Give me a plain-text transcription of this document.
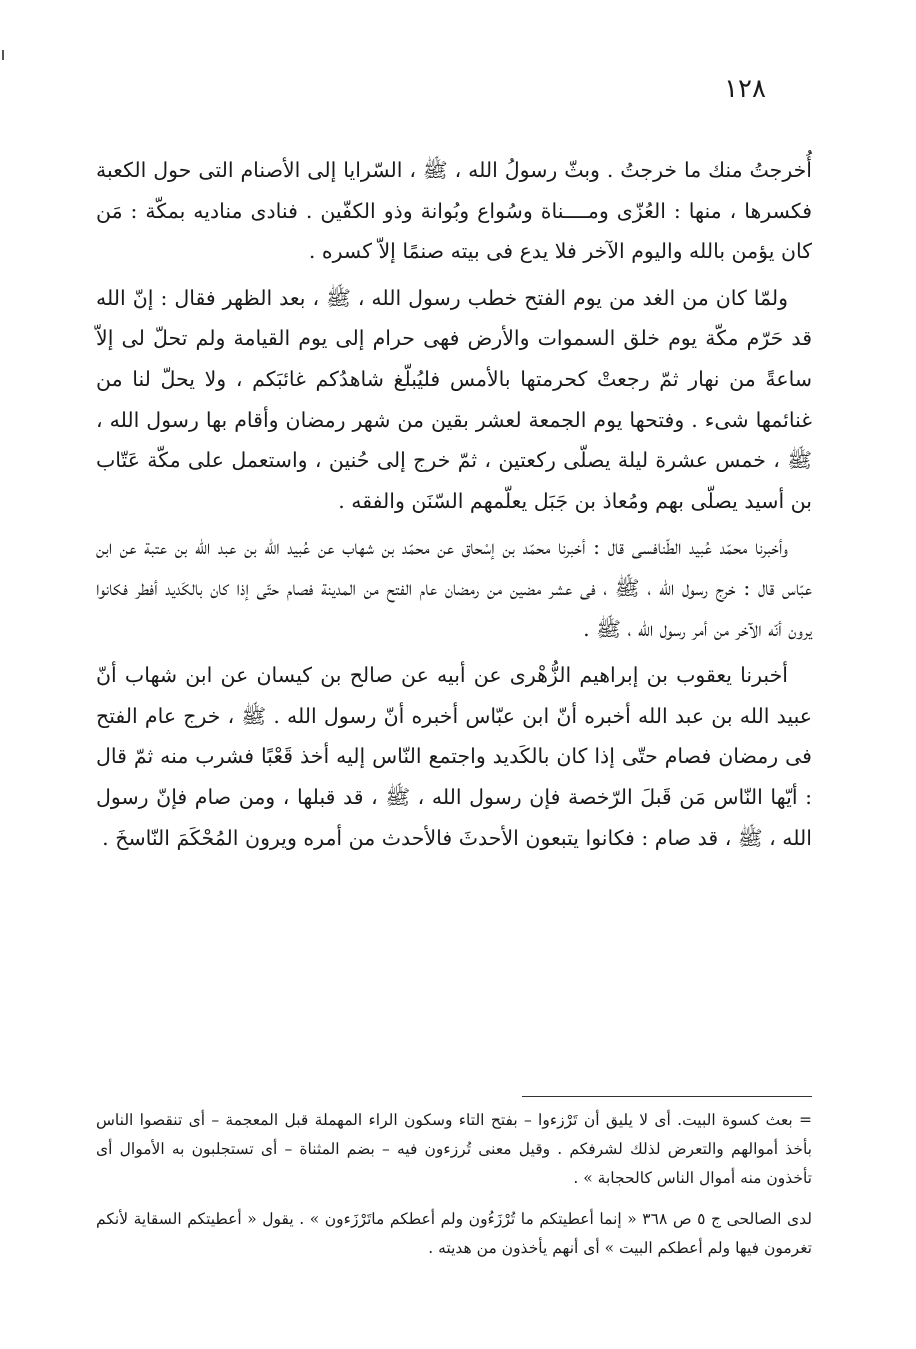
١٢٨

أُخرجتُ منك ما خرجتُ . وبثّ رسولُ الله ، ﷺ ، السّرايا إلى الأصنام التى حول الكعبة فكسرها ، منها : العُزّى ومــــناة وسُواع وبُوانة وذو الكفّين . فنادى مناديه بمكّة : مَن كان يؤمن بالله واليوم الآخر فلا يدع فى بيته صنمًا إلاّ كسره .

ولمّا كان من الغد من يوم الفتح خطب رسول الله ، ﷺ ، بعد الظهر فقال : إنّ الله قد حَرّم مكّة يوم خلق السموات والأرض فهى حرام إلى يوم القيامة ولم تحلّ لى إلاّ ساعةً من نهار ثمّ رجعتْ كحرمتها بالأمس فليُبلّغ شاهدُكم غائبَكم ، ولا يحلّ لنا من غنائمها شىء . وفتحها يوم الجمعة لعشر بقين من شهر رمضان وأقام بها رسول الله ، ﷺ ، خمس عشرة ليلة يصلّى ركعتين ، ثمّ خرج إلى حُنين ، واستعمل على مكّة عَتّاب بن أسيد يصلّى بهم ومُعاذ بن جَبَل يعلّمهم السّنَن والفقه .

وأخبرنا محمّد عُبيد الطّنافسى قال : أخبرنا محمّد بن إسْحاق عن محمّد بن شهاب عن عُبيد الله بن عبد الله بن عتبة عن ابن عبّاس قال : خرج رسول الله ، ﷺ ، فى عشر مضين من رمضان عام الفتح من المدينة فصام حتّى إذا كان بالكَديد أفطر فكانوا يرون أنّه الآخر من أمر رسول الله ، ﷺ .

أخبرنا يعقوب بن إبراهيم الزُّهْرى عن أبيه عن صالح بن كيسان عن ابن شهاب أنّ عبيد الله بن عبد الله أخبره أنّ ابن عبّاس أخبره أنّ رسول الله . ﷺ ، خرج عام الفتح فى رمضان فصام حتّى إذا كان بالكَديد واجتمع النّاس إليه أخذ قَعْبًا فشرب منه ثمّ قال : أيّها النّاس مَن قَبلَ الرّخصة فإن رسول الله ، ﷺ ، قد قبلها ، ومن صام فإنّ رسول الله ، ﷺ ، قد صام : فكانوا يتبعون الأحدثَ فالأحدث من أمره ويرون المُحْكَمَ النّاسخَ .

= بعث كسوة البيت. أى لا يليق أن تَرْزءوا – بفتح التاء وسكون الراء المهملة قبل المعجمة – أى تنقصوا الناس بأخذ أموالهم والتعرض لذلك لشرفكم . وقيل معنى تُرزءون فيه – بضم المثناة – أى تستجلبون به الأموال أى تأخذون منه أموال الناس كالحجابة » .

لدى الصالحى ج ٥ ص ٣٦٨ « إنما أعطيتكم ما تُرْزَءُون ولم أعطكم ماتَرْزَءون » . يقول « أعطيتكم السقاية لأنكم تغرمون فيها ولم أعطكم البيت » أى أنهم يأخذون من هديته .
